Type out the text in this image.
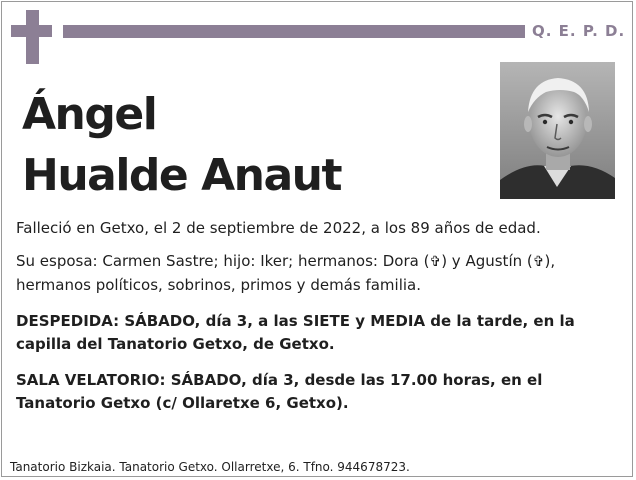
Q. E. P. D.
Ángel
Hualde Anaut
Falleció en Getxo, el 2 de septiembre de 2022, a los 89 años de edad.
Su esposa: Carmen Sastre; hijo: Iker; hermanos: Dora (✞) y Agustín (✞),
hermanos políticos, sobrinos, primos y demás familia.
DESPEDIDA: SÁBADO, día 3, a las SIETE y MEDIA de la tarde, en la capilla del Tanatorio Getxo, de Getxo.
SALA VELATORIO: SÁBADO, día 3, desde las 17.00 horas, en el Tanatorio Getxo (c/ Ollaretxe 6, Getxo).
Tanatorio Bizkaia. Tanatorio Getxo. Ollarretxe, 6. Tfno. 944678723.
